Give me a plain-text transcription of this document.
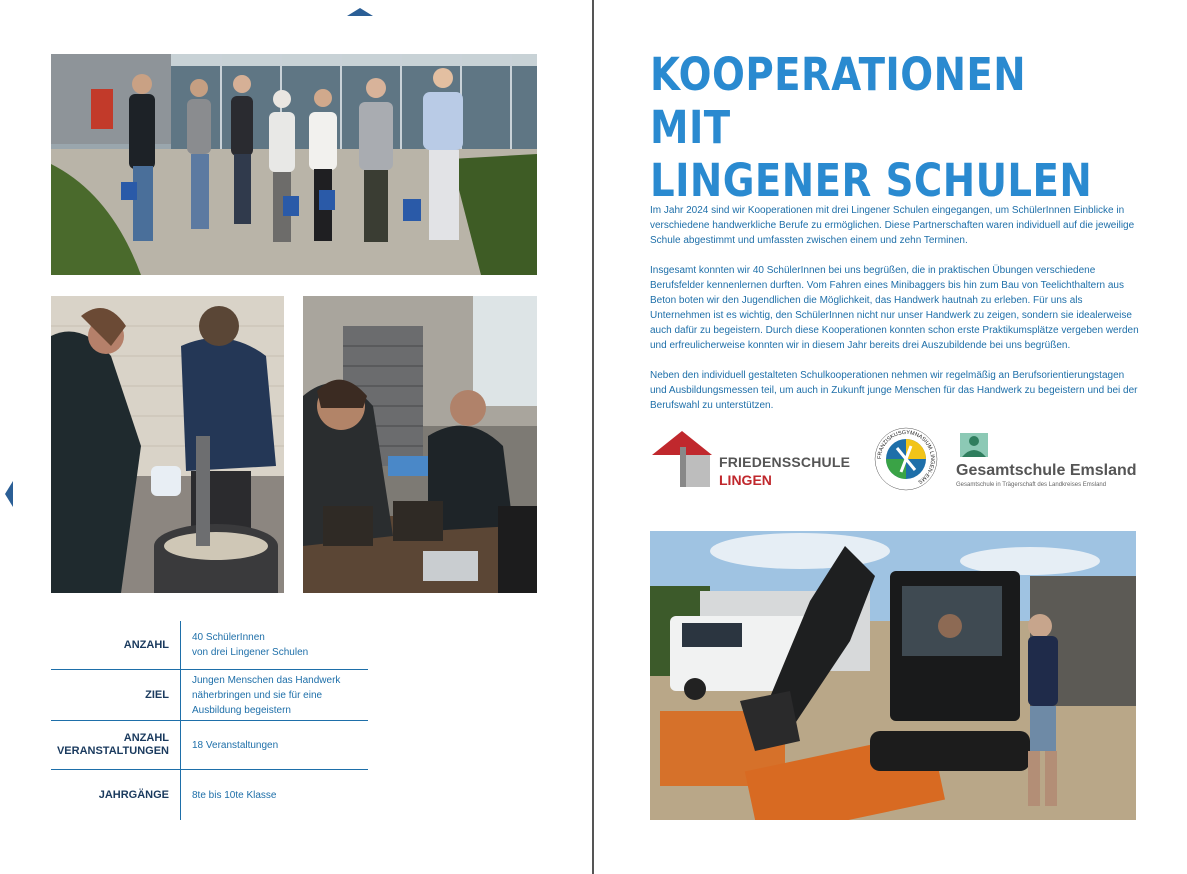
ANZAHL
40 SchülerInnen
von drei Lingener Schulen
ZIEL
Jungen Menschen das Handwerk
näherbringen und sie für eine
Ausbildung begeistern
ANZAHL VERANSTALTUNGEN	18 Veranstaltungen
JAHRGÄNGE	8te bis 10te Klasse
KOOPERATIONEN MIT
LINGENER SCHULEN

Im Jahr 2024 sind wir Kooperationen mit drei Lingener Schulen eingegangen, um SchülerInnen Einblicke in verschiedene handwerkliche Berufe zu ermöglichen. Diese Partnerschaften waren individuell auf die jeweilige Schule abgestimmt und umfassten zwischen einem und zehn Terminen.

Insgesamt konnten wir 40 SchülerInnen bei uns begrüßen, die in praktischen Übungen verschiedene Berufsfelder kennenlernen durften. Vom Fahren eines Minibaggers bis hin zum Bau von Teelichthaltern aus Beton boten wir den Jugendlichen die Möglichkeit, das Handwerk hautnah zu erleben. Für uns als Unternehmen ist es wichtig, den SchülerInnen nicht nur unser Handwerk zu zeigen, sondern sie idealerweise auch dafür zu begeistern. Durch diese Kooperationen konnten schon erste Praktikumsplätze vergeben werden und erfreulicherweise konnten wir in diesem Jahr bereits drei Auszubildende bei uns begrüßen.

Neben den individuell gestalteten Schulkooperationen nehmen wir regelmäßig an Berufsorientierungstagen und Ausbildungsmessen teil, um auch in Zukunft junge Menschen für das Handwerk zu begeistern und bei der Berufswahl zu unterstützen.

FRIEDENSSCHULE
LINGEN
FRANZISKUSGYMNASIUM LINGEN-EMS
Gesamtschule Emsland
Gesamtschule in Trägerschaft des Landkreises Emsland
